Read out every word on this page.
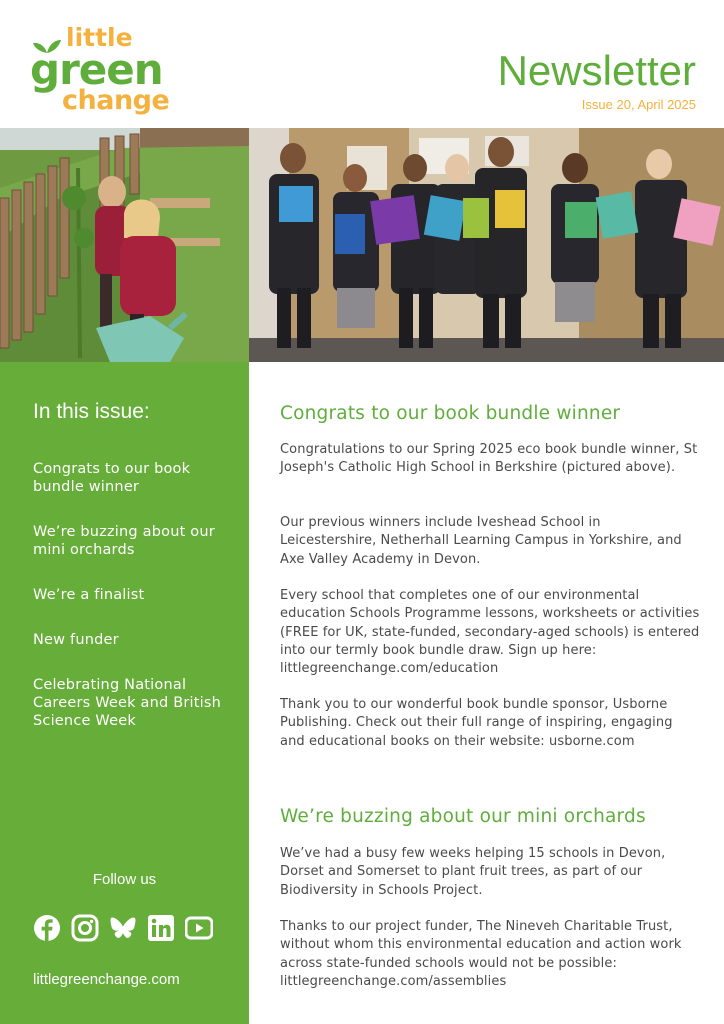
little
green
change
Newsletter
Issue 20, April 2025
In this issue:
Congrats to our book bundle winner
We’re buzzing about our mini orchards
We’re a finalist
New funder
Celebrating National Careers Week and British Science Week
Follow us
littlegreenchange.com
Congrats to our book bundle winner

Congratulations to our Spring 2025 eco book bundle winner, St Joseph's Catholic High School in Berkshire (pictured above).

Our previous winners include Iveshead School in Leicestershire, Netherhall Learning Campus in Yorkshire, and Axe Valley Academy in Devon.

Every school that completes one of our environmental education Schools Programme lessons, worksheets or activities (FREE for UK, state-funded, secondary-aged schools) is entered into our termly book bundle draw. Sign up here: littlegreenchange.com/education

Thank you to our wonderful book bundle sponsor, Usborne Publishing. Check out their full range of inspiring, engaging and educational books on their website: usborne.com

We’re buzzing about our mini orchards

We’ve had a busy few weeks helping 15 schools in Devon, Dorset and Somerset to plant fruit trees, as part of our Biodiversity in Schools Project.

Thanks to our project funder, The Nineveh Charitable Trust, without whom this environmental education and action work across state-funded schools would not be possible: littlegreenchange.com/assemblies
